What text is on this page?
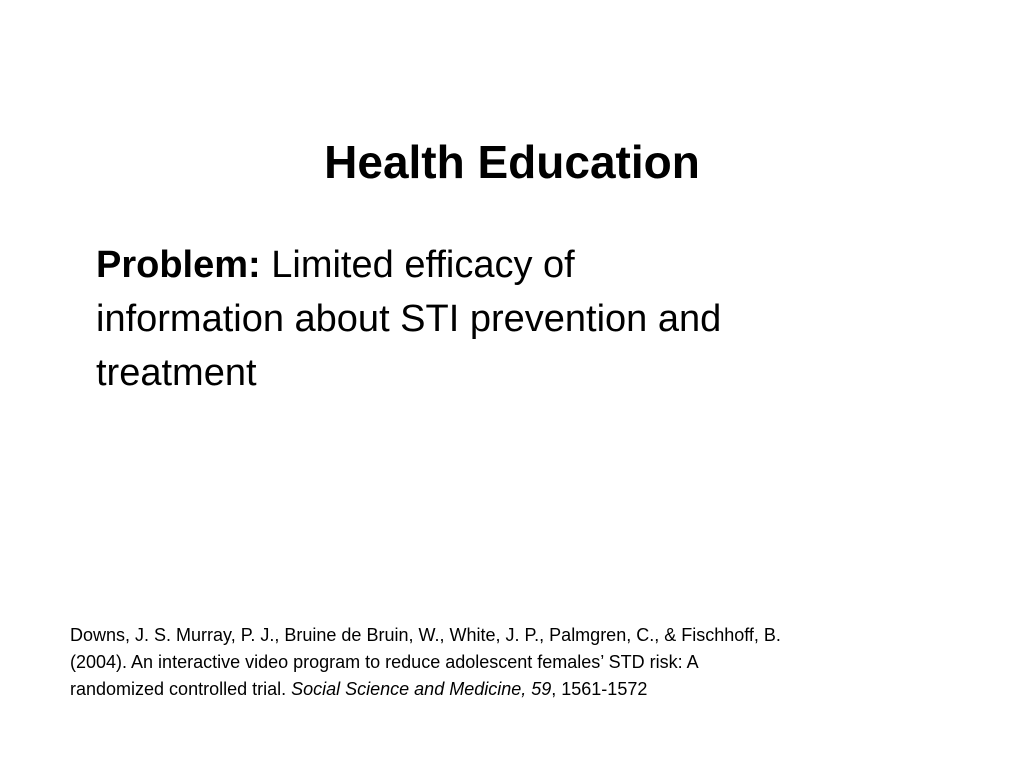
Health Education
Problem: Limited efficacy of
information about STI prevention and
treatment
Downs, J. S. Murray, P. J., Bruine de Bruin, W., White, J. P., Palmgren, C., & Fischhoff, B.
(2004). An interactive video program to reduce adolescent females’ STD risk: A
randomized controlled trial. Social Science and Medicine, 59, 1561-1572
